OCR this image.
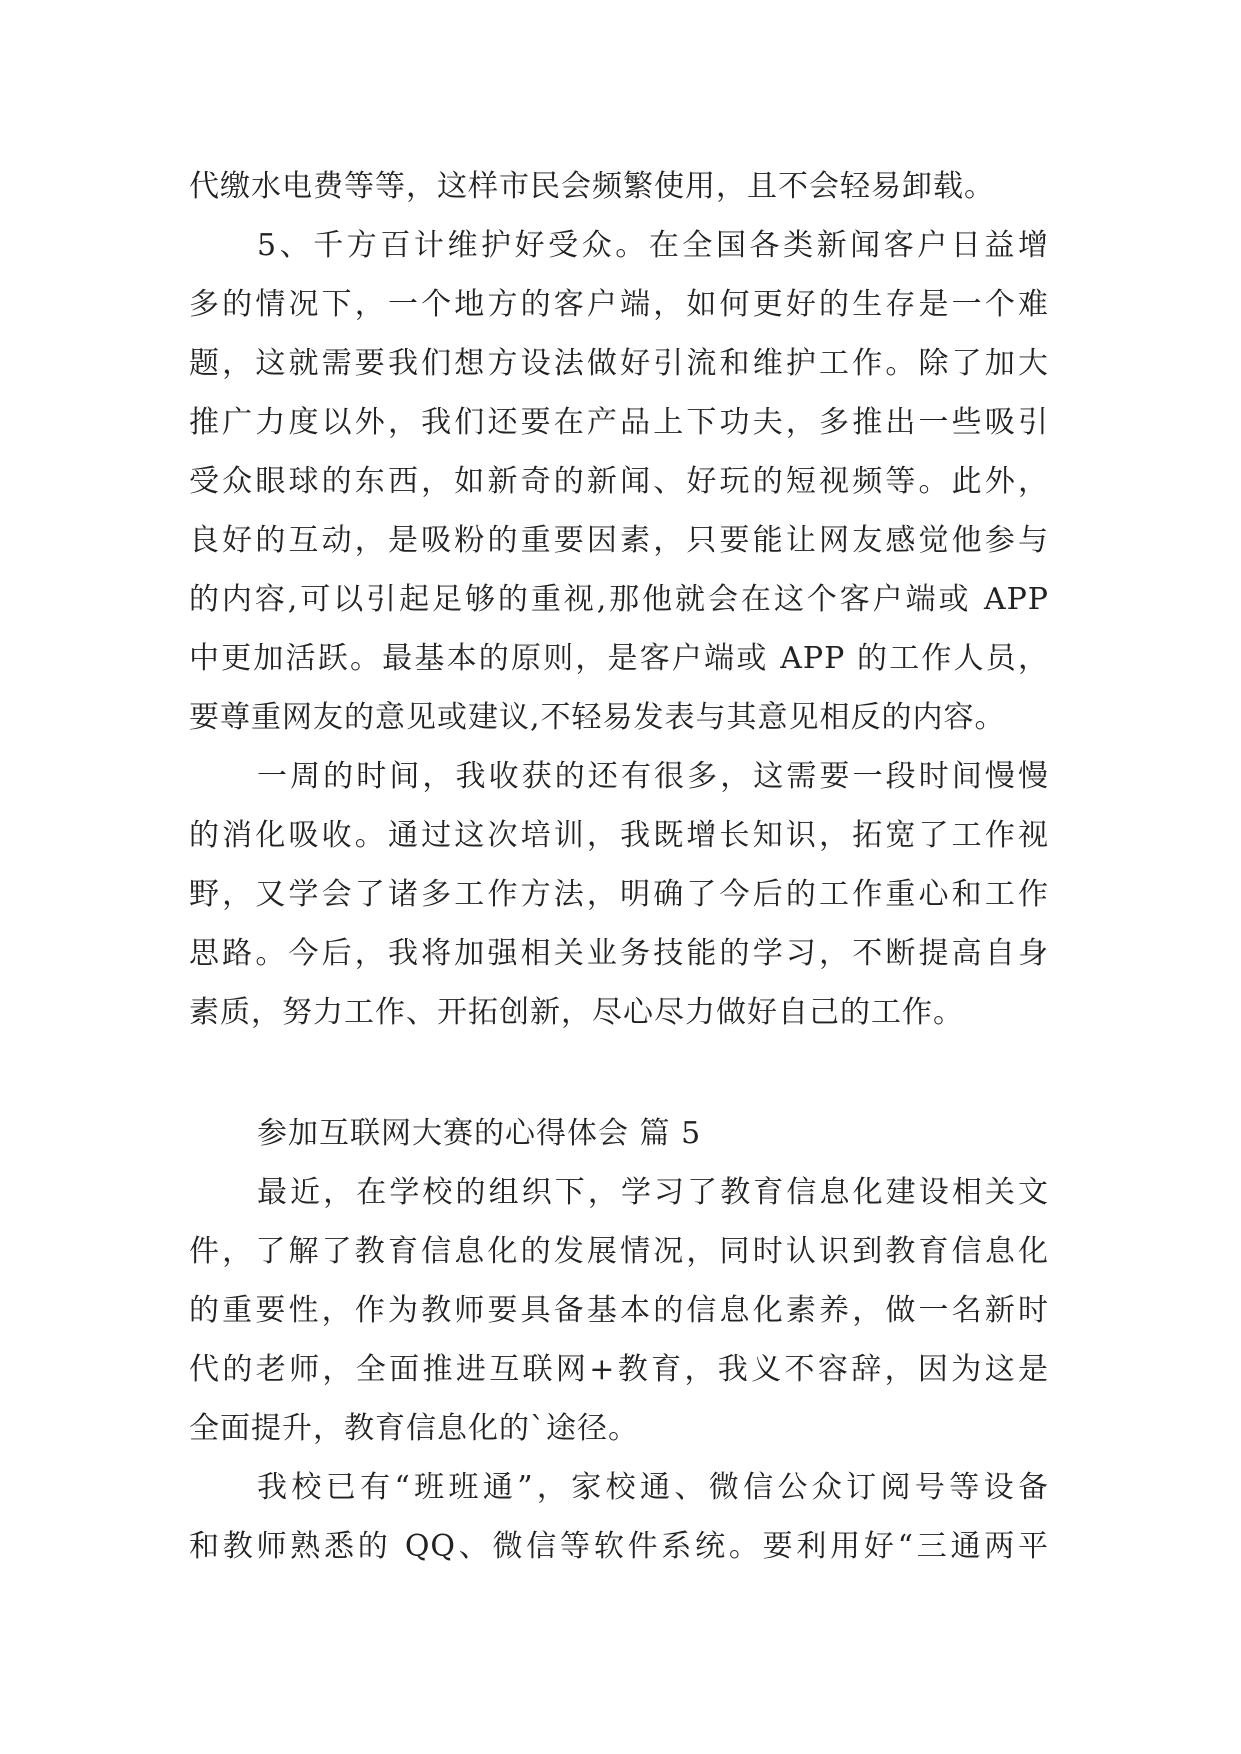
代缴水电费等等，这样市民会频繁使用，且不会轻易卸载。
5、千方百计维护好受众。在全国各类新闻客户日益增
多的情况下，一个地方的客户端，如何更好的生存是一个难
题，这就需要我们想方设法做好引流和维护工作。除了加大
推广力度以外，我们还要在产品上下功夫，多推出一些吸引
受众眼球的东西，如新奇的新闻、好玩的短视频等。此外，
良好的互动，是吸粉的重要因素，只要能让网友感觉他参与
的内容,可以引起足够的重视,那他就会在这个客户端或 APP
中更加活跃。最基本的原则，是客户端或 APP 的工作人员，
要尊重网友的意见或建议,不轻易发表与其意见相反的内容。
一周的时间，我收获的还有很多，这需要一段时间慢慢
的消化吸收。通过这次培训，我既增长知识，拓宽了工作视
野，又学会了诸多工作方法，明确了今后的工作重心和工作
思路。今后，我将加强相关业务技能的学习，不断提高自身
素质，努力工作、开拓创新，尽心尽力做好自己的工作。
参加互联网大赛的心得体会 篇 5
最近，在学校的组织下，学习了教育信息化建设相关文
件，了解了教育信息化的发展情况，同时认识到教育信息化
的重要性，作为教师要具备基本的信息化素养，做一名新时
代的老师，全面推进互联网+教育，我义不容辞，因为这是
全面提升，教育信息化的`途径。
我校已有“班班通”，家校通、微信公众订阅号等设备
和教师熟悉的 QQ、微信等软件系统。要利用好“三通两平
